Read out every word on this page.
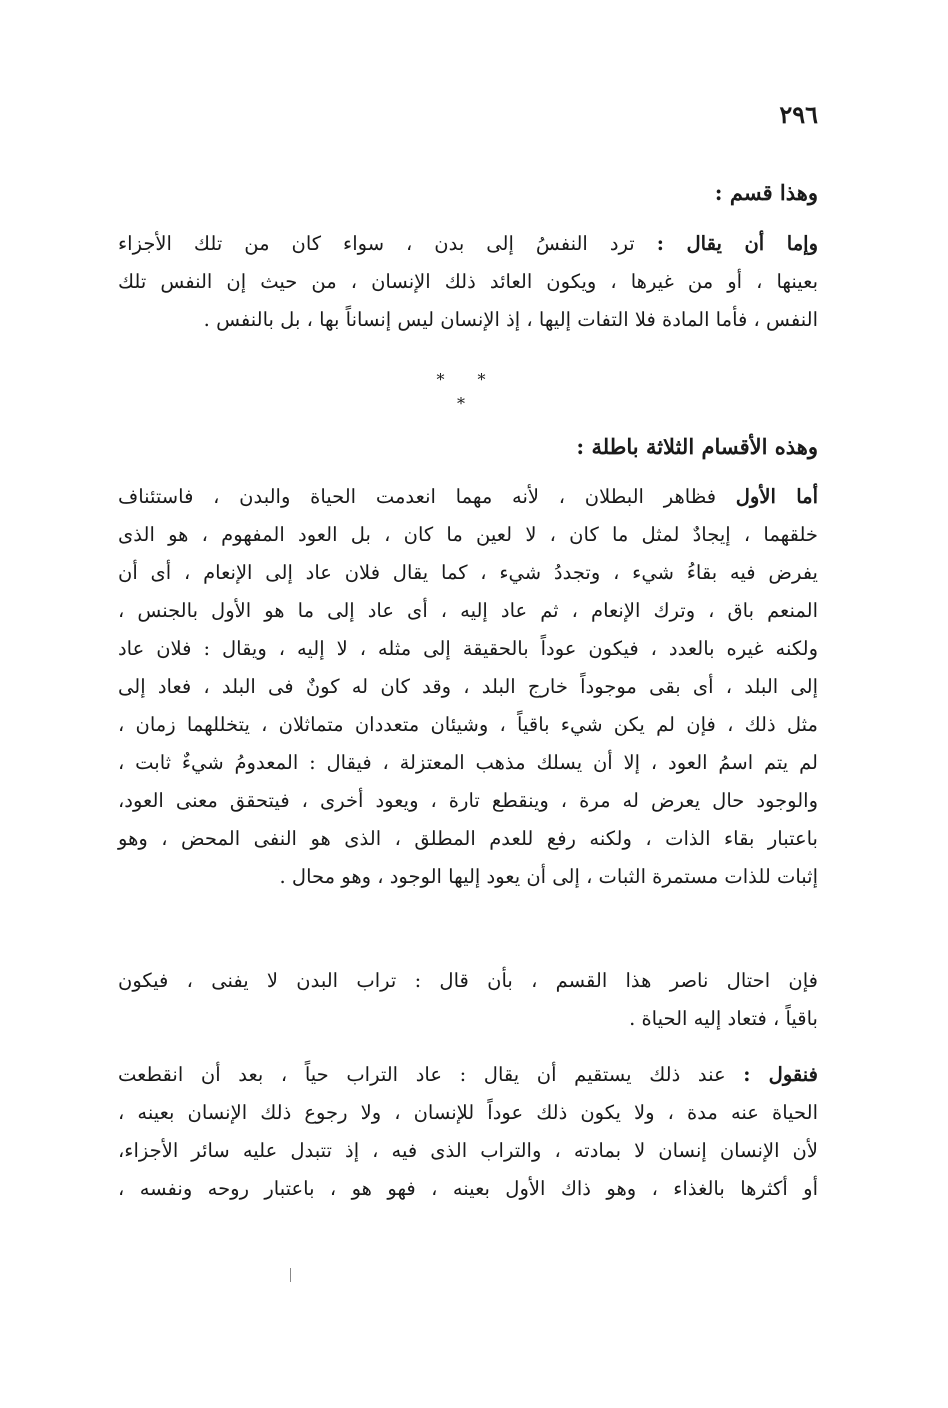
٢٩٦
وهذا قسم :
وإما أن يقال : ترد النفسُ إلى بدن ، سواء كان من تلك الأجزاء
بعينها ، أو من غيرها ، ويكون العائد ذلك الإنسان ، من حيث إن النفس تلك
النفس ، فأما المادة فلا التفات إليها ، إذ الإنسان ليس إنساناً بها ، بل بالنفس .
* * *
وهذه الأقسام الثلاثة باطلة :
أما الأول فظاهر البطلان ، لأنه مهما انعدمت الحياة والبدن ، فاستئناف
خلقهما ، إيجادٌ لمثل ما كان ، لا لعين ما كان ، بل العود المفهوم ، هو الذى
يفرض فيه بقاءُ شيء ، وتجددُ شيء ، كما يقال فلان عاد إلى الإنعام ، أى أن
المنعم باق ، وترك الإنعام ، ثم عاد إليه ، أى عاد إلى ما هو الأول بالجنس ،
ولكنه غيره بالعدد ، فيكون عوداً بالحقيقة إلى مثله ، لا إليه ، ويقال : فلان عاد
إلى البلد ، أى بقى موجوداً خارج البلد ، وقد كان له كونٌ فى البلد ، فعاد إلى
مثل ذلك ، فإن لم يكن شيء باقياً ، وشيئان متعددان متماثلان ، يتخللهما زمان ،
لم يتم اسمُ العود ، إلا أن يسلك مذهب المعتزلة ، فيقال : المعدومُ شيءٌ ثابت ،
والوجود حال يعرض له مرة ، وينقطع تارة ، ويعود أخرى ، فيتحقق معنى العود،
باعتبار بقاء الذات ، ولكنه رفع للعدم المطلق ، الذى هو النفى المحض ، وهو
إثبات للذات مستمرة الثبات ، إلى أن يعود إليها الوجود ، وهو محال .
فإن احتال ناصر هذا القسم ، بأن قال : تراب البدن لا يفنى ، فيكون
باقياً ، فتعاد إليه الحياة .
فنقول : عند ذلك يستقيم أن يقال : عاد التراب حياً ، بعد أن انقطعت
الحياة عنه مدة ، ولا يكون ذلك عوداً للإنسان ، ولا رجوع ذلك الإنسان بعينه ،
لأن الإنسان إنسان لا بمادته ، والتراب الذى فيه ، إذ تتبدل عليه سائر الأجزاء،
أو أكثرها بالغذاء ، وهو ذاك الأول بعينه ، فهو هو ، باعتبار روحه ونفسه ،
